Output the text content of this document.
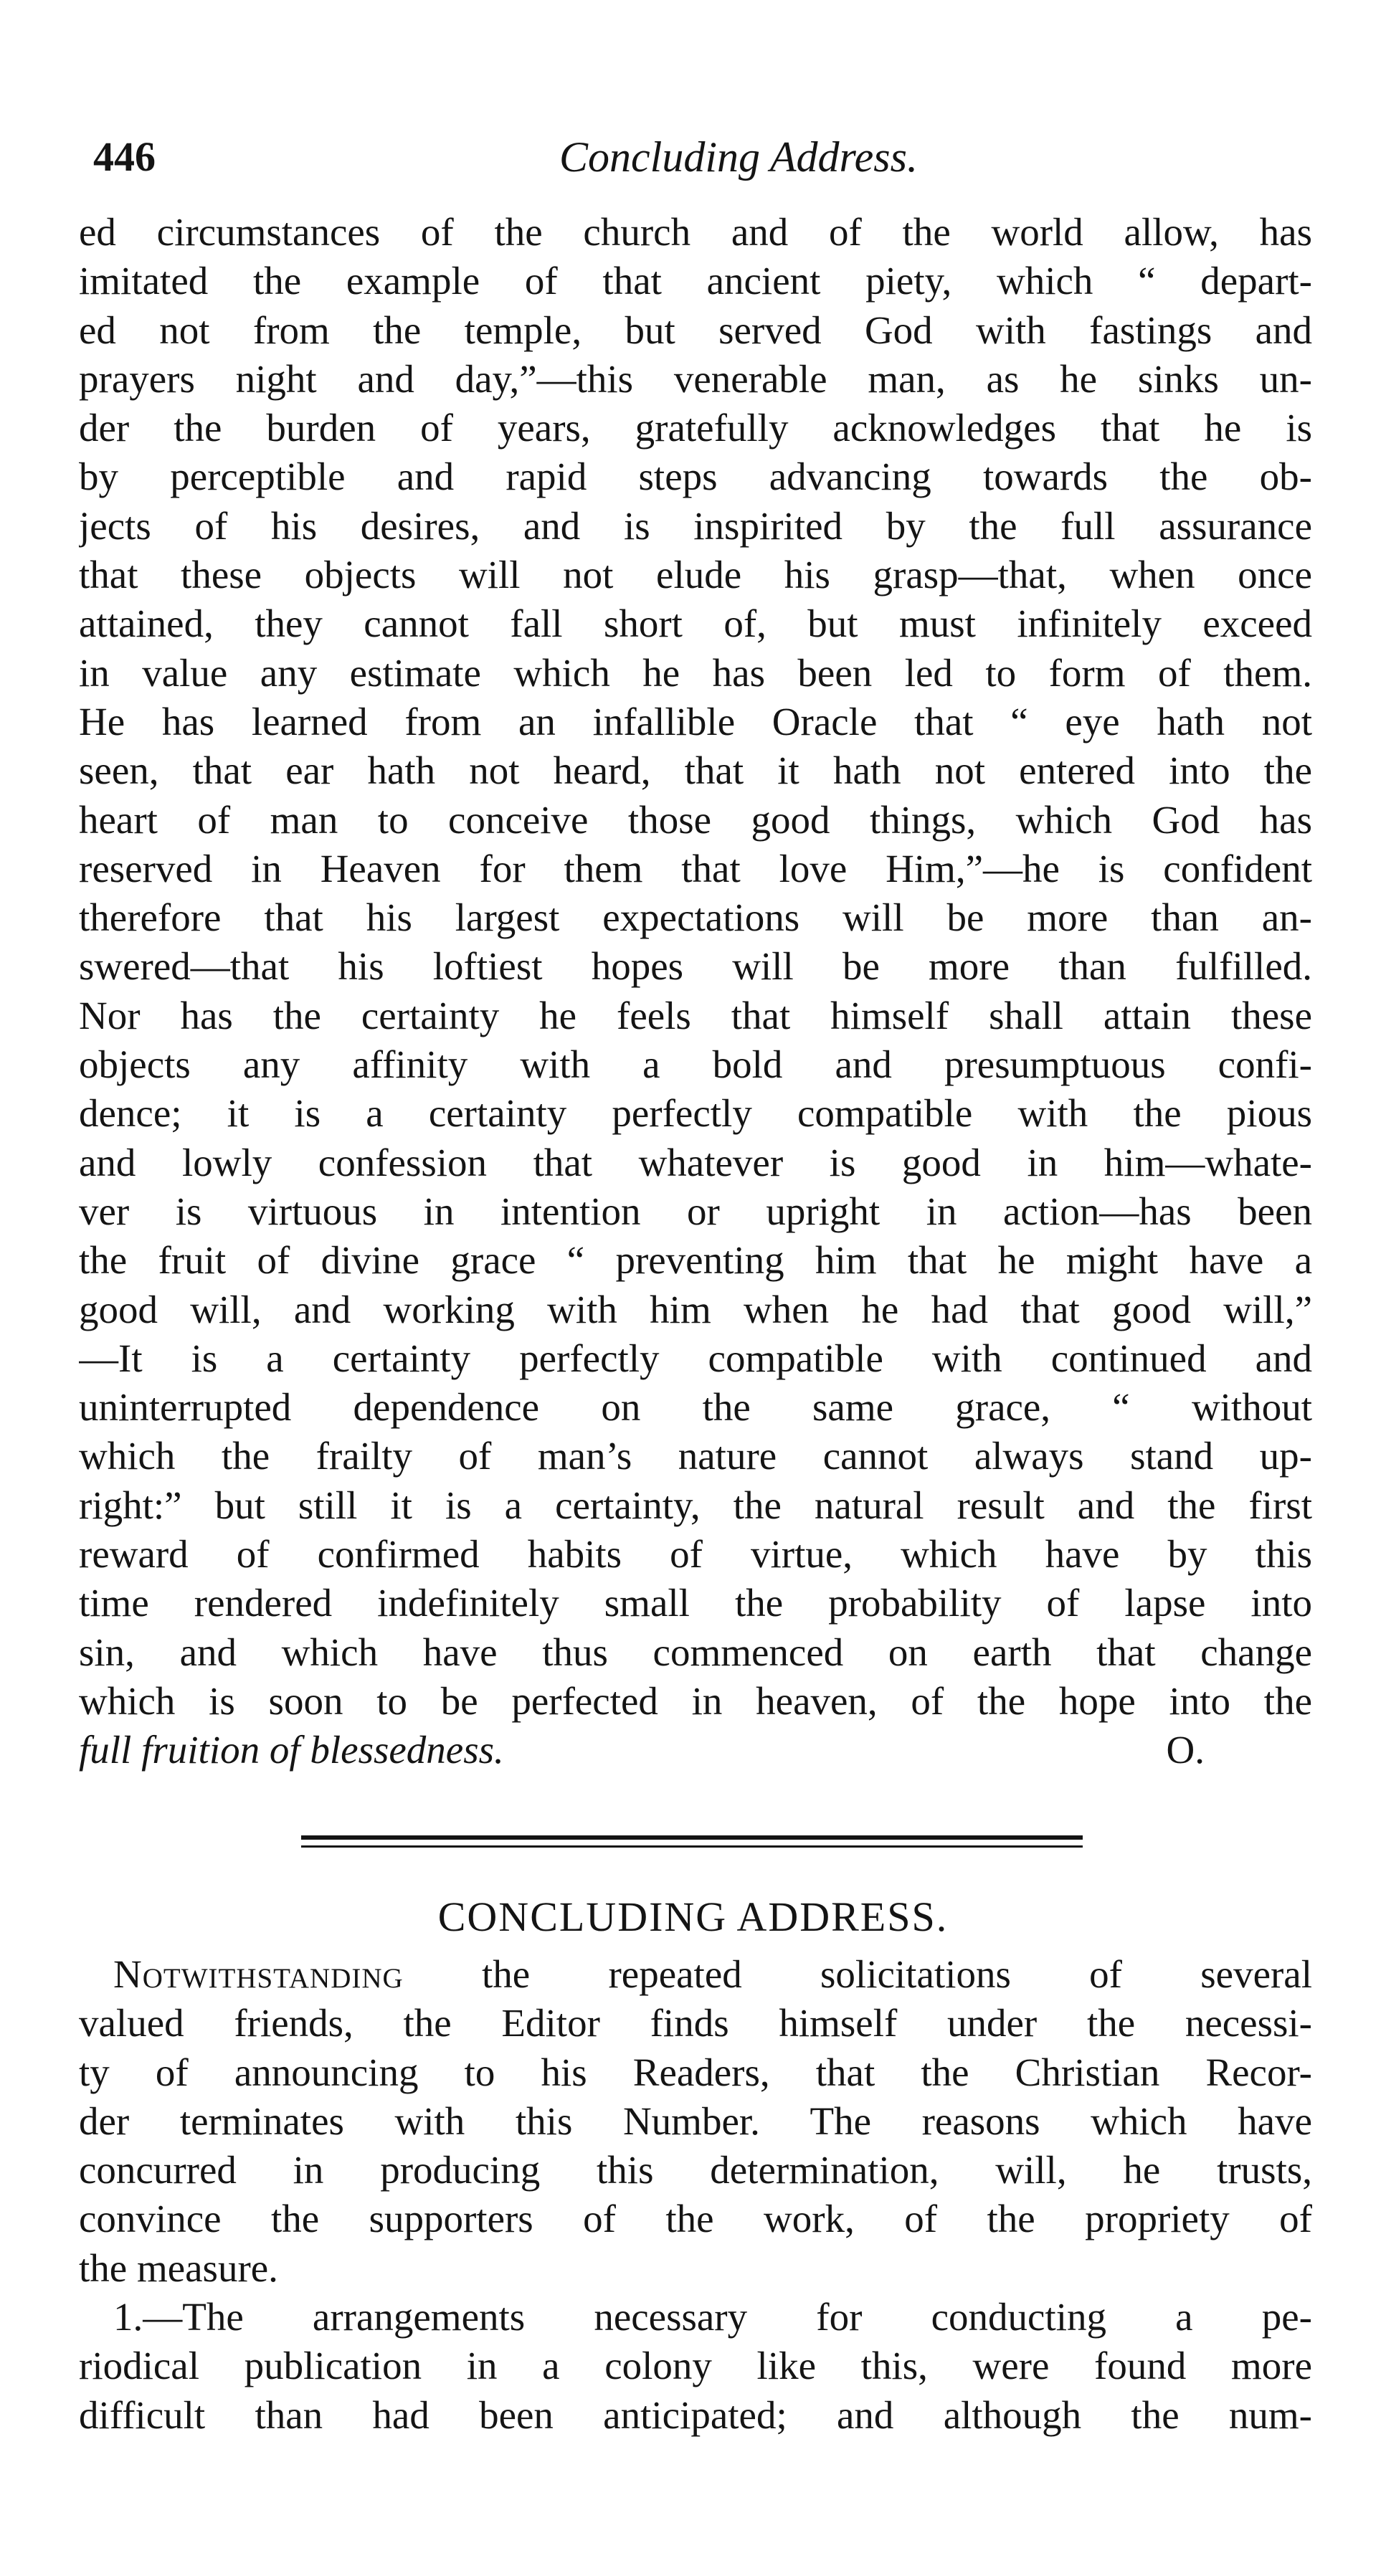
446	Concluding Address.
ed circumstances of the church and of the world allow, has
imitated the example of that ancient piety, which “ depart-
ed not from the temple, but served God with fastings and
prayers night and day,”—this venerable man, as he sinks un-
der the burden of years, gratefully acknowledges that he is
by perceptible and rapid steps advancing towards the ob-
jects of his desires, and is inspirited by the full assurance
that these objects will not elude his grasp—that, when once
attained, they cannot fall short of, but must infinitely exceed
in value any estimate which he has been led to form of them.
He has learned from an infallible Oracle that “ eye hath not
seen, that ear hath not heard, that it hath not entered into the
heart of man to conceive those good things, which God has
reserved in Heaven for them that love Him,”—he is confident
therefore that his largest expectations will be more than an-
swered—that his loftiest hopes will be more than fulfilled.
Nor has the certainty he feels that himself shall attain these
objects any affinity with a bold and presumptuous confi-
dence; it is a certainty perfectly compatible with the pious
and lowly confession that whatever is good in him—whate-
ver is virtuous in intention or upright in action—has been
the fruit of divine grace “ preventing him that he might have a
good will, and working with him when he had that good will,”
—It is a certainty perfectly compatible with continued and
uninterrupted dependence on the same grace, “ without
which the frailty of man’s nature cannot always stand up-
right:” but still it is a certainty, the natural result and the first
reward of confirmed habits of virtue, which have by this
time rendered indefinitely small the probability of lapse into
sin, and which have thus commenced on earth that change
which is soon to be perfected in heaven, of the hope into the
full fruition of blessedness.	O.
CONCLUDING ADDRESS.
Notwithstanding the repeated solicitations of several
valued friends, the Editor finds himself under the necessi-
ty of announcing to his Readers, that the Christian Recor-
der terminates with this Number. The reasons which have
concurred in producing this determination, will, he trusts,
convince the supporters of the work, of the propriety of
the measure.
1.—The arrangements necessary for conducting a pe-
riodical publication in a colony like this, were found more
difficult than had been anticipated; and although the num-
